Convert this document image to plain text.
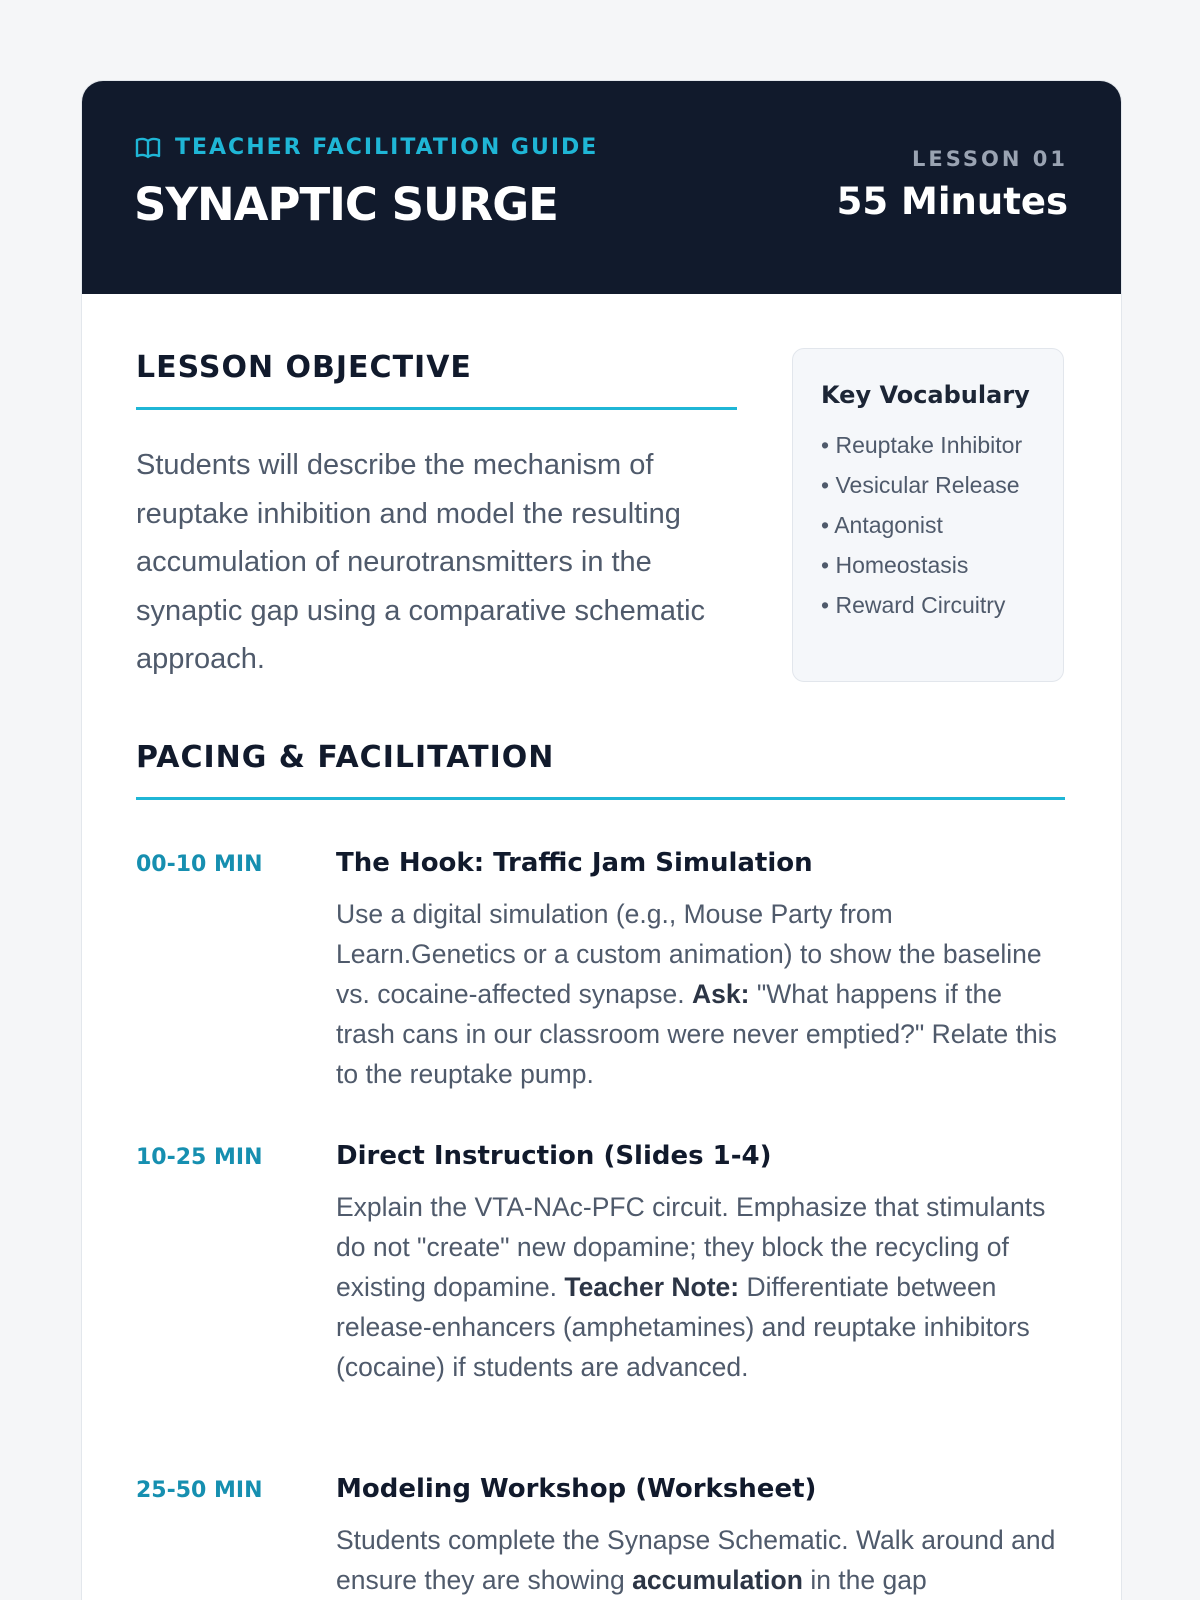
TEACHER FACILITATION GUIDE
SYNAPTIC SURGE
LESSON 01
55 Minutes
LESSON OBJECTIVE
Students will describe the mechanism of reuptake inhibition and model the resulting accumulation of neurotransmitters in the synaptic gap using a comparative schematic approach.
Key Vocabulary
• Reuptake Inhibitor
• Vesicular Release
• Antagonist
• Homeostasis
• Reward Circuitry
PACING & FACILITATION
00-10 MIN	The Hook: Traffic Jam Simulation
Use a digital simulation (e.g., Mouse Party from Learn.Genetics or a custom animation) to show the baseline vs. cocaine-affected synapse. Ask: "What happens if the trash cans in our classroom were never emptied?" Relate this to the reuptake pump.
10-25 MIN	Direct Instruction (Slides 1-4)
Explain the VTA-NAc-PFC circuit. Emphasize that stimulants do not "create" new dopamine; they block the recycling of existing dopamine. Teacher Note: Differentiate between release-enhancers (amphetamines) and reuptake inhibitors (cocaine) if students are advanced.
25-50 MIN	Modeling Workshop (Worksheet)
Students complete the Synapse Schematic. Walk around and ensure they are showing accumulation in the gap
